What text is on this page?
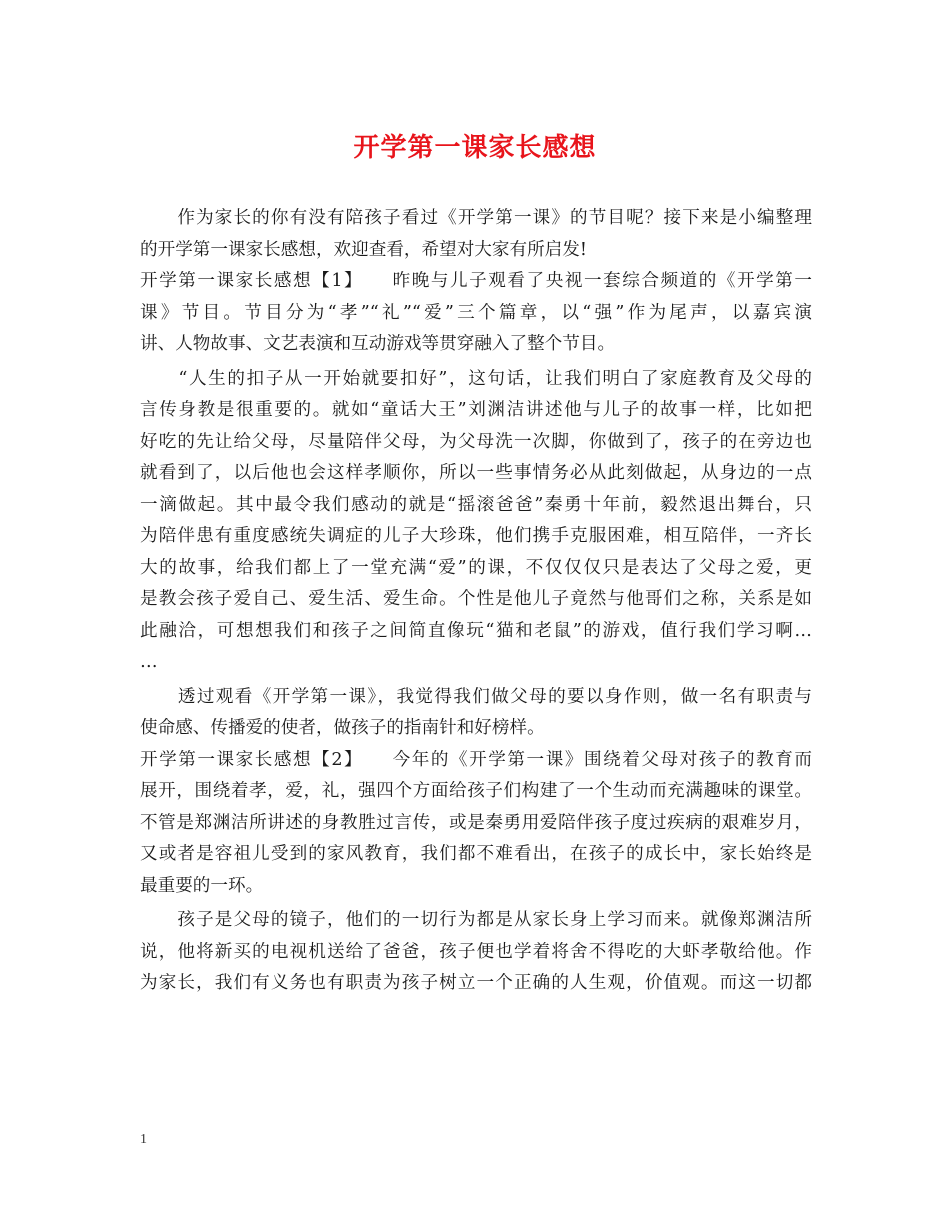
开学第一课家长感想
　　作为家长的你有没有陪孩子看过《开学第一课》的节目呢？接下来是小编整理
的开学第一课家长感想，欢迎查看，希望对大家有所启发!
开学第一课家长感想【1】　　昨晚与儿子观看了央视一套综合频道的《开学第一
课》节目。节目分为“孝”“礼”“爱”三个篇章，以“强”作为尾声，以嘉宾演
讲、人物故事、文艺表演和互动游戏等贯穿融入了整个节目。
　　“人生的扣子从一开始就要扣好”，这句话，让我们明白了家庭教育及父母的
言传身教是很重要的。就如“童话大王”刘渊洁讲述他与儿子的故事一样，比如把
好吃的先让给父母，尽量陪伴父母，为父母洗一次脚，你做到了，孩子的在旁边也
就看到了，以后他也会这样孝顺你，所以一些事情务必从此刻做起，从身边的一点
一滴做起。其中最令我们感动的就是“摇滚爸爸”秦勇十年前，毅然退出舞台，只
为陪伴患有重度感统失调症的儿子大珍珠，他们携手克服困难，相互陪伴，一齐长
大的故事，给我们都上了一堂充满“爱”的课，不仅仅仅只是表达了父母之爱，更
是教会孩子爱自己、爱生活、爱生命。个性是他儿子竟然与他哥们之称，关系是如
此融洽，可想想我们和孩子之间简直像玩“猫和老鼠”的游戏，值行我们学习啊…
…
　　透过观看《开学第一课》，我觉得我们做父母的要以身作则，做一名有职责与
使命感、传播爱的使者，做孩子的指南针和好榜样。
开学第一课家长感想【2】　　今年的《开学第一课》围绕着父母对孩子的教育而
展开，围绕着孝，爱，礼，强四个方面给孩子们构建了一个生动而充满趣味的课堂。
不管是郑渊洁所讲述的身教胜过言传，或是秦勇用爱陪伴孩子度过疾病的艰难岁月，
又或者是容祖儿受到的家风教育，我们都不难看出，在孩子的成长中，家长始终是
最重要的一环。
　　孩子是父母的镜子，他们的一切行为都是从家长身上学习而来。就像郑渊洁所
说，他将新买的电视机送给了爸爸，孩子便也学着将舍不得吃的大虾孝敬给他。作
为家长，我们有义务也有职责为孩子树立一个正确的人生观，价值观。而这一切都
1
